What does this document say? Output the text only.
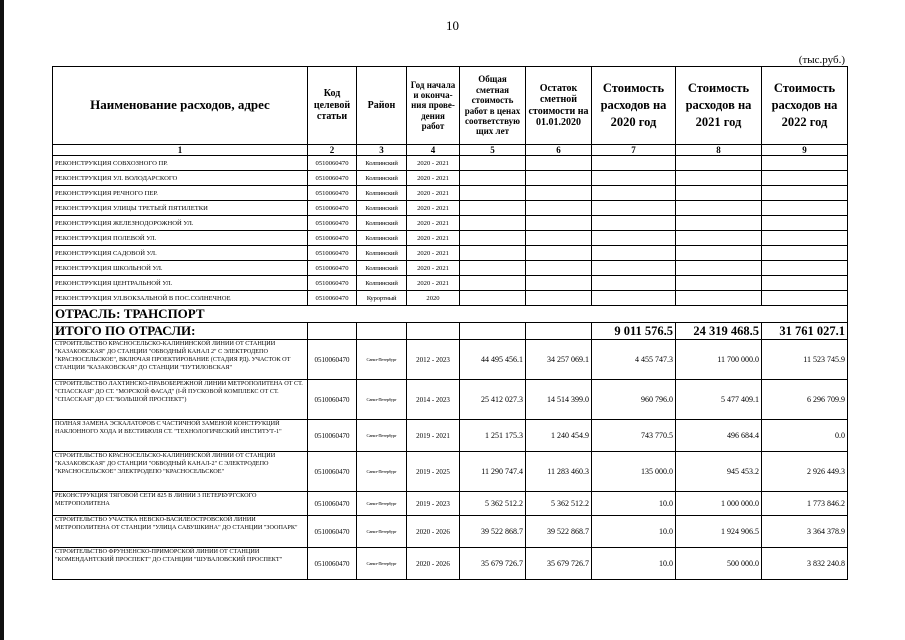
10
(тыс.руб.)
Наименование расходов, адрес	Код целевой статьи	Район	Год начала и оконча-ния прове-дения работ	Общая сметная стоимость работ в ценах соответствую щих лет	Остаток сметной стоимости на 01.01.2020	Стоимость расходов на 2020 год	Стоимость расходов на 2021 год	Стоимость расходов на 2022 год
1	2	3	4	5	6	7	8	9
РЕКОНСТРУКЦИЯ СОВХОЗНОГО ПР.	0510060470	Колпинский	2020 - 2021					
РЕКОНСТРУКЦИЯ УЛ. ВОЛОДАРСКОГО	0510060470	Колпинский	2020 - 2021					
РЕКОНСТРУКЦИЯ РЕЧНОГО ПЕР.	0510060470	Колпинский	2020 - 2021					
РЕКОНСТРУКЦИЯ УЛИЦЫ ТРЕТЬЕЙ ПЯТИЛЕТКИ	0510060470	Колпинский	2020 - 2021					
РЕКОНСТРУКЦИЯ ЖЕЛЕЗНОДОРОЖНОЙ УЛ.	0510060470	Колпинский	2020 - 2021					
РЕКОНСТРУКЦИЯ ПОЛЕВОЙ УЛ.	0510060470	Колпинский	2020 - 2021					
РЕКОНСТРУКЦИЯ САДОВОЙ УЛ.	0510060470	Колпинский	2020 - 2021					
РЕКОНСТРУКЦИЯ ШКОЛЬНОЙ УЛ.	0510060470	Колпинский	2020 - 2021					
РЕКОНСТРУКЦИЯ ЦЕНТРАЛЬНОЙ УЛ.	0510060470	Колпинский	2020 - 2021					
РЕКОНСТРУКЦИЯ УЛ.ВОКЗАЛЬНОЙ В ПОС.СОЛНЕЧНОЕ	0510060470	Курортный	2020					
ОТРАСЛЬ: ТРАНСПОРТ								
ИТОГО ПО ОТРАСЛИ:						9 011 576.5	24 319 468.5	31 761 027.1
СТРОИТЕЛЬСТВО КРАСНОСЕЛЬСКО-КАЛИНИНСКОЙ ЛИНИИ ОТ СТАНЦИИ "КАЗАКОВСКАЯ" ДО СТАНЦИИ "ОБВОДНЫЙ КАНАЛ 2" С ЭЛЕКТРОДЕПО "КРАСНОСЕЛЬСКОЕ", ВКЛЮЧАЯ ПРОЕКТИРОВАНИЕ (СТАДИЯ РД). УЧАСТОК ОТ СТАНЦИИ "КАЗАКОВСКАЯ" ДО СТАНЦИИ "ПУТИЛОВСКАЯ"	0510060470	Санкт-Петербург	2012 - 2023	44 495 456.1	34 257 069.1	4 455 747.3	11 700 000.0	11 523 745.9
СТРОИТЕЛЬСТВО ЛАХТИНСКО-ПРАВОБЕРЕЖНОЙ ЛИНИИ МЕТРОПОЛИТЕНА ОТ СТ. "СПАССКАЯ" ДО СТ. "МОРСКОЙ ФАСАД" (I-Й ПУСКОВОЙ КОМПЛЕКС ОТ СТ. "СПАССКАЯ" ДО СТ."БОЛЬШОЙ ПРОСПЕКТ")	0510060470	Санкт-Петербург	2014 - 2023	25 412 027.3	14 514 399.0	960 796.0	5 477 409.1	6 296 709.9
ПОЛНАЯ ЗАМЕНА ЭСКАЛАТОРОВ С ЧАСТИЧНОЙ ЗАМЕНОЙ КОНСТРУКЦИЙ НАКЛОННОГО ХОДА И ВЕСТИБЮЛЯ СТ. "ТЕХНОЛОГИЧЕСКИЙ ИНСТИТУТ-1"	0510060470	Санкт-Петербург	2019 - 2021	1 251 175.3	1 240 454.9	743 770.5	496 684.4	0.0
СТРОИТЕЛЬСТВО КРАСНОСЕЛЬСКО-КАЛИНИНСКОЙ ЛИНИИ ОТ СТАНЦИИ "КАЗАКОВСКАЯ" ДО СТАНЦИИ "ОБВОДНЫЙ КАНАЛ-2" С ЭЛЕКТРОДЕПО "КРАСНОСЕЛЬСКОЕ" ЭЛЕКТРОДЕПО "КРАСНОСЕЛЬСКОЕ"	0510060470	Санкт-Петербург	2019 - 2025	11 290 747.4	11 283 460.3	135 000.0	945 453.2	2 926 449.3
РЕКОНСТРУКЦИЯ ТЯГОВОЙ СЕТИ 825 В ЛИНИИ 3 ПЕТЕРБУРГСКОГО МЕТРОПОЛИТЕНА	0510060470	Санкт-Петербург	2019 - 2023	5 362 512.2	5 362 512.2	10.0	1 000 000.0	1 773 846.2
СТРОИТЕЛЬСТВО УЧАСТКА НЕВСКО-ВАСИЛЕОСТРОВСКОЙ ЛИНИИ МЕТРОПОЛИТЕНА ОТ СТАНЦИИ "УЛИЦА САВУШКИНА" ДО СТАНЦИИ "ЗООПАРК"	0510060470	Санкт-Петербург	2020 - 2026	39 522 868.7	39 522 868.7	10.0	1 924 906.5	3 364 378.9
СТРОИТЕЛЬСТВО ФРУНЗЕНСКО-ПРИМОРСКОЙ ЛИНИИ ОТ СТАНЦИИ "КОМЕНДАНТСКИЙ ПРОСПЕКТ" ДО СТАНЦИИ "ШУВАЛОВСКИЙ ПРОСПЕКТ"	0510060470	Санкт-Петербург	2020 - 2026	35 679 726.7	35 679 726.7	10.0	500 000.0	3 832 240.8
